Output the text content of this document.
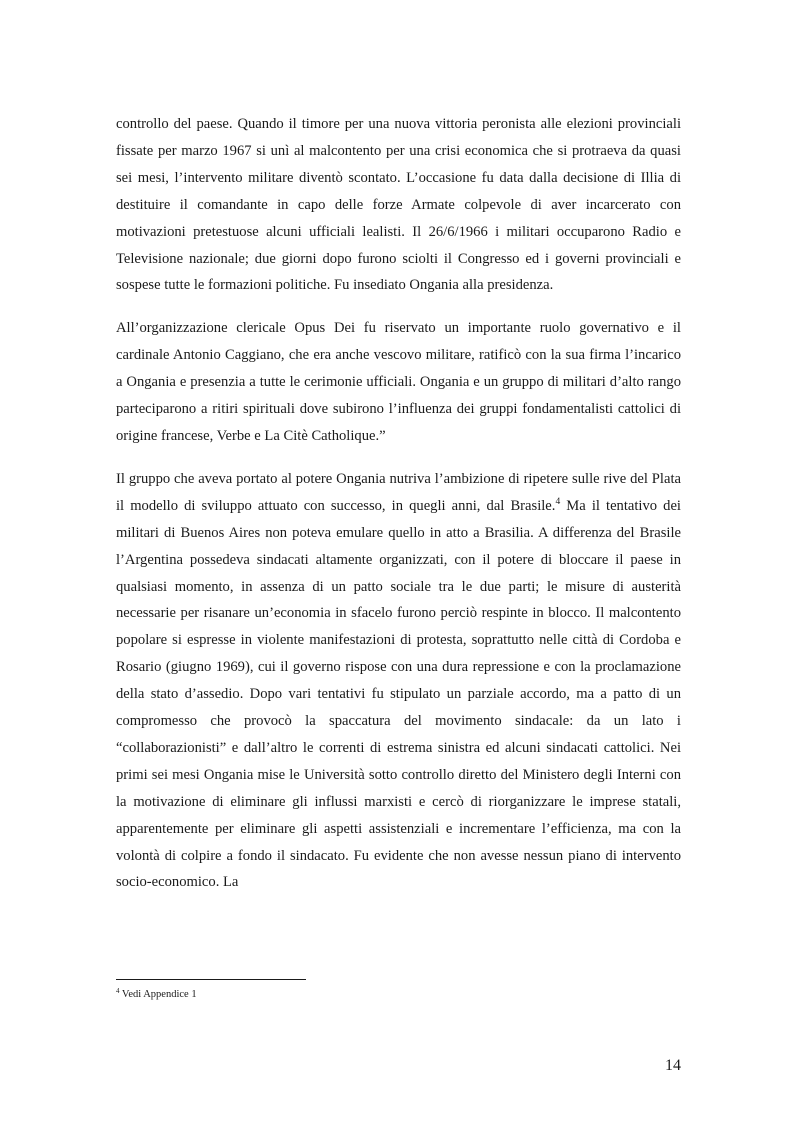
controllo del paese. Quando il timore per una nuova vittoria peronista alle elezioni provinciali fissate per marzo 1967 si unì al malcontento per una crisi economica che si protraeva da quasi sei mesi, l’intervento militare diventò scontato. L’occasione fu data dalla decisione di Illia di destituire il comandante in capo delle forze Armate colpevole di aver incarcerato con motivazioni pretestuose alcuni ufficiali lealisti. Il 26/6/1966 i militari occuparono Radio e Televisione nazionale; due giorni dopo furono sciolti il Congresso ed i governi provinciali e sospese tutte le formazioni politiche. Fu insediato Ongania alla presidenza.

All’organizzazione clericale Opus Dei fu riservato un importante ruolo governativo e il cardinale Antonio Caggiano, che era anche vescovo militare, ratificò con la sua firma l’incarico a Ongania e presenzia a tutte le cerimonie ufficiali. Ongania e un gruppo di militari d’alto rango parteciparono a ritiri spirituali dove subirono l’influenza dei gruppi fondamentalisti cattolici di origine francese, Verbe e La Citè Catholique.”

Il gruppo che aveva portato al potere Ongania nutriva l’ambizione di ripetere sulle rive del Plata il modello di sviluppo attuato con successo, in quegli anni, dal Brasile.$^4$ Ma il tentativo dei militari di Buenos Aires non poteva emulare quello in atto a Brasilia. A differenza del Brasile l’Argentina possedeva sindacati altamente organizzati, con il potere di bloccare il paese in qualsiasi momento, in assenza di un patto sociale tra le due parti; le misure di austerità necessarie per risanare un’economia in sfacelo furono perciò respinte in blocco. Il malcontento popolare si espresse in violente manifestazioni di protesta, soprattutto nelle città di Cordoba e Rosario (giugno 1969), cui il governo rispose con una dura repressione e con la proclamazione della stato d’assedio. Dopo vari tentativi fu stipulato un parziale accordo, ma a patto di un compromesso che provocò la spaccatura del movimento sindacale: da un lato i “collaborazionisti” e dall’altro le correnti di estrema sinistra ed alcuni sindacati cattolici. Nei primi sei mesi Ongania mise le Università sotto controllo diretto del Ministero degli Interni con la motivazione di eliminare gli influssi marxisti e cercò di riorganizzare le imprese statali, apparentemente per eliminare gli aspetti assistenziali e incrementare l’efficienza, ma con la volontà di colpire a fondo il sindacato. Fu evidente che non avesse nessun piano di intervento socio-economico. La

$^4$ Vedi Appendice 1
14
